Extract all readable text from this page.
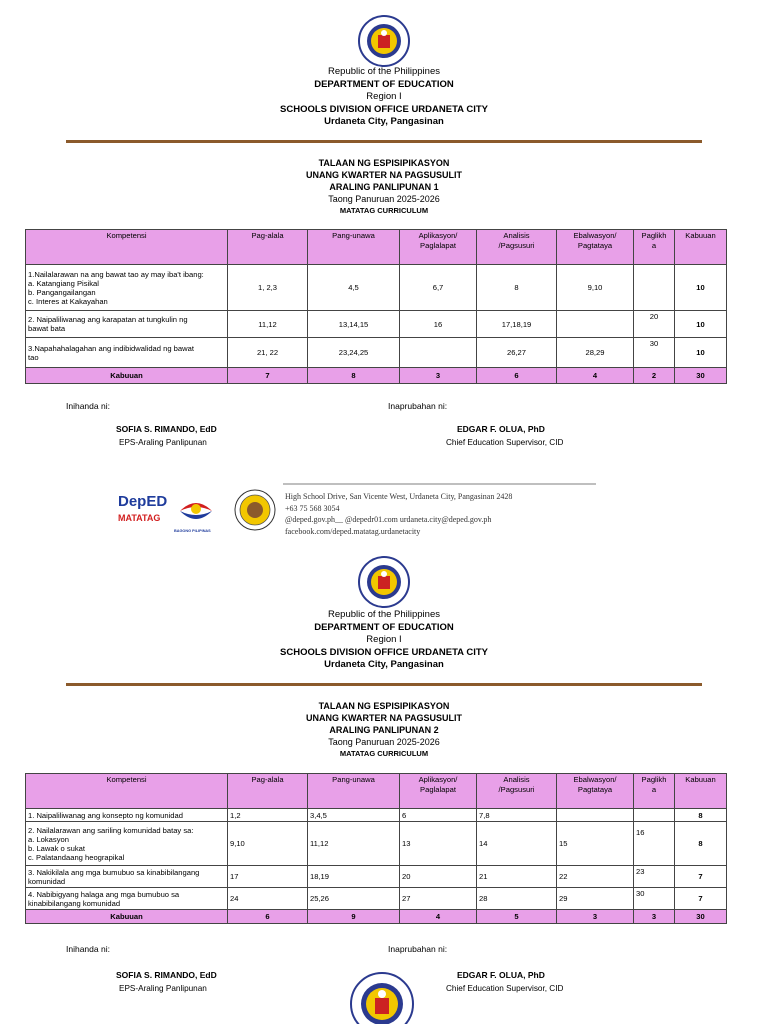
Republic of the Philippines
DEPARTMENT OF EDUCATION
Region I
SCHOOLS DIVISION OFFICE URDANETA CITY
Urdaneta City, Pangasinan
TALAAN NG ESPISIPIKASYON
UNANG KWARTER NA PAGSUSULIT
ARALING PANLIPUNAN 1
Taong Panuruan 2025-2026
MATATAG CURRICULUM
Kompetensi	Pag-alala	Pang-unawa	Aplikasyon/
Paglalapat	Analisis
/Pagsusuri	Ebalwasyon/
Pagtataya	Paglikh
a	Kabuuan

1.Nailalarawan na ang bawat tao ay may iba't ibang:
a. Katangiang Pisikal
b. Pangangailangan
c. Interes at Kakayahan	1, 2,3	4,5	6,7	8	9,10		10

2. Naipaliliwanag ang karapatan at tungkulin ng
bawat bata	11,12	13,14,15	16	17,18,19		20	10

3.Napahahalagahan ang indibidwalidad ng bawat
tao	21, 22	23,24,25		26,27	28,29	30	10
Kabuuan	7	8	3	6	4	2	30
Inihanda ni:	Inaprubahan ni:
SOFIA S. RIMANDO, EdD
EPS-Araling Panlipunan
EDGAR F. OLUA, PhD
Chief Education Supervisor, CID
DepED
MATATAG
BAGONG PILIPINAS
High School Drive, San Vicente West, Urdaneta City, Pangasinan 2428
+63 75 568 3054
@deped.gov.ph__ @depedr01.com urdaneta.city@deped.gov.ph
facebook.com/deped.matatag.urdanetacity
Republic of the Philippines
DEPARTMENT OF EDUCATION
Region I
SCHOOLS DIVISION OFFICE URDANETA CITY
Urdaneta City, Pangasinan
TALAAN NG ESPISIPIKASYON
UNANG KWARTER NA PAGSUSULIT
ARALING PANLIPUNAN 2
Taong Panuruan 2025-2026
MATATAG CURRICULUM
Kompetensi	Pag-alala	Pang-unawa	Aplikasyon/
Paglalapat	Analisis
/Pagsusuri	Ebalwasyon/
Pagtataya	Paglikh
a	Kabuuan

1. Naipaliliwanag ang konsepto ng komunidad	1,2	3,4,5	6	7,8			8

2. Nailalarawan ang sariling komunidad batay sa:
a. Lokasyon
b. Lawak o sukat
c. Palatandaang heograpikal	9,10	11,12	13	14	15	16	8

3. Nakikilala ang mga bumubuo sa kinabibilangang
komunidad	17	18,19	20	21	22	23	7

4. Nabibigyang halaga ang mga bumubuo sa
kinabibilangang komunidad	24	25,26	27	28	29	30	7
Kabuuan	6	9	4	5	3	3	30
Inihanda ni:	Inaprubahan ni:
SOFIA S. RIMANDO, EdD
EPS-Araling Panlipunan
EDGAR F. OLUA, PhD
Chief Education Supervisor, CID
